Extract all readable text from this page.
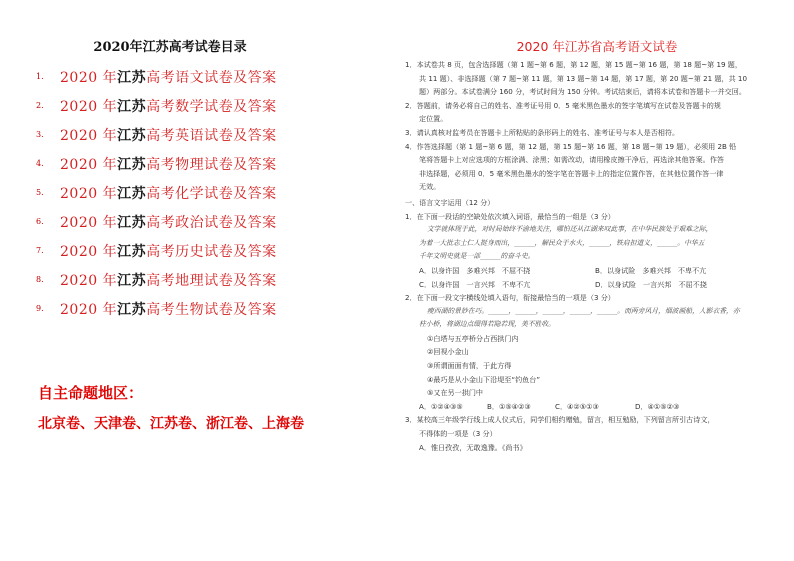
2020年江苏高考试卷目录
1.	2020 年江苏高考语文试卷及答案
2.	2020 年江苏高考数学试卷及答案
3.	2020 年江苏高考英语试卷及答案
4.	2020 年江苏高考物理试卷及答案
5.	2020 年江苏高考化学试卷及答案
6.	2020 年江苏高考政治试卷及答案
7.	2020 年江苏高考历史试卷及答案
8.	2020 年江苏高考地理试卷及答案
9.	2020 年江苏高考生物试卷及答案
自主命题地区：
北京卷、天津卷、江苏卷、浙江卷、上海卷
2020 年江苏省高考语文试卷

1．本试卷共 8 页，包含选择题（第 1 题~第 6 题，第 12 题，第 15 题~第 16 题，第 18 题~第 19 题，

共 11 题）、非选择题（第 7 题~第 11 题，第 13 题~第 14 题，第 17 题，第 20 题~第 21 题，共 10

题）两部分。本试卷满分 160 分，考试时间为 150 分钟。考试结束后，请将本试卷和答题卡一并交回。

2．答题前，请务必将自己的姓名、准考证号用 0．5 毫米黑色墨水的签字笔填写在试卷及答题卡的规

定位置。

3．请认真核对监考员在答题卡上所粘贴的条形码上的姓名、准考证号与本人是否相符。

4．作答选择题（第 1 题~第 6 题，第 12 题，第 15 题~第 16 题，第 18 题~第 19 题），必须用 2B 铅

笔将答题卡上对应选项的方框涂满、涂黑；如需改动，请用橡皮擦干净后，再选涂其他答案。作答

非选择题，必须用 0．5 毫米黑色墨水的签字笔在答题卡上的指定位置作答，在其他位置作答一律

无效。

一、语言文字运用（12 分）

1．在下面一段话的空缺处依次填入词语，最恰当的一组是（3 分）

文学就体现于此，对时局始终不渝地关注，哪怕还从江湖来叹此事，在中华民族处于艰难之际，

为着一大批志士仁人挺身而出，______，解民众于水火，______，铁肩担道义，______。中华五

千年文明史就是一部______的奋斗史。

A．以身许国　多难兴邦　不屈不挠	B．以身试险　多难兴邦　不卑不亢
C．以身许国　一言兴邦　不卑不亢	D．以身试险　一言兴邦　不屈不挠

2．在下面一段文字横线处填入语句，衔接最恰当的一项是（3 分）

瘦西湖的景妙在巧。______，______，______，______，______。而两旁风月，烟波画船，人影衣香，亦

柱小桥，将湖边点缀得若隐若现，美不胜收。

①白塔与五亭桥分占西拱门内

②回视小金山

③所谓面面有情，于此方得

④最巧是从小金山下沿堤至“钓鱼台”

⑤又在另一拱门中

A．①②④③⑤	B．①⑤④②③	C．④②⑤①③	D．④①⑤②③

3．某校高三年级学行线上成人仪式后，同学们相约赠勉，留言，相互勉励，下列留言所引古诗文，

不得体的一项是（3 分）

A．惟日孜孜，无敢逸豫。《尚书》
